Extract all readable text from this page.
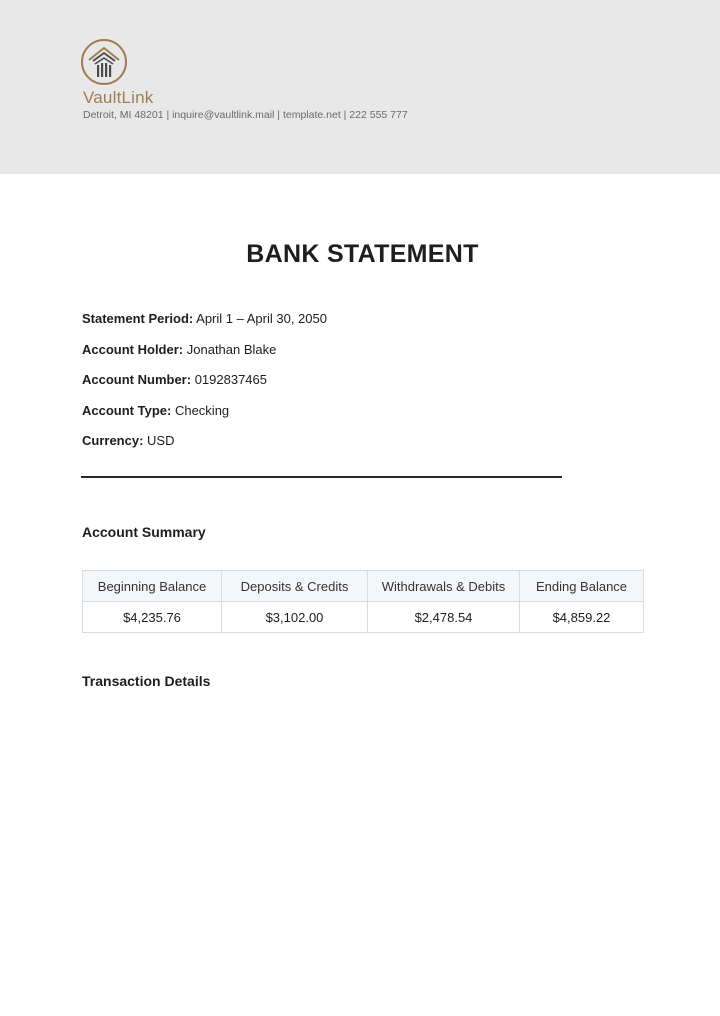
VaultLink
Detroit, MI 48201 | inquire@vaultlink.mail | template.net | 222 555 777
BANK STATEMENT
Statement Period: April 1 – April 30, 2050
Account Holder: Jonathan Blake
Account Number: 0192837465
Account Type: Checking
Currency: USD
Account Summary
Beginning Balance	Deposits & Credits	Withdrawals & Debits	Ending Balance
$4,235.76	$3,102.00	$2,478.54	$4,859.22
Transaction Details
